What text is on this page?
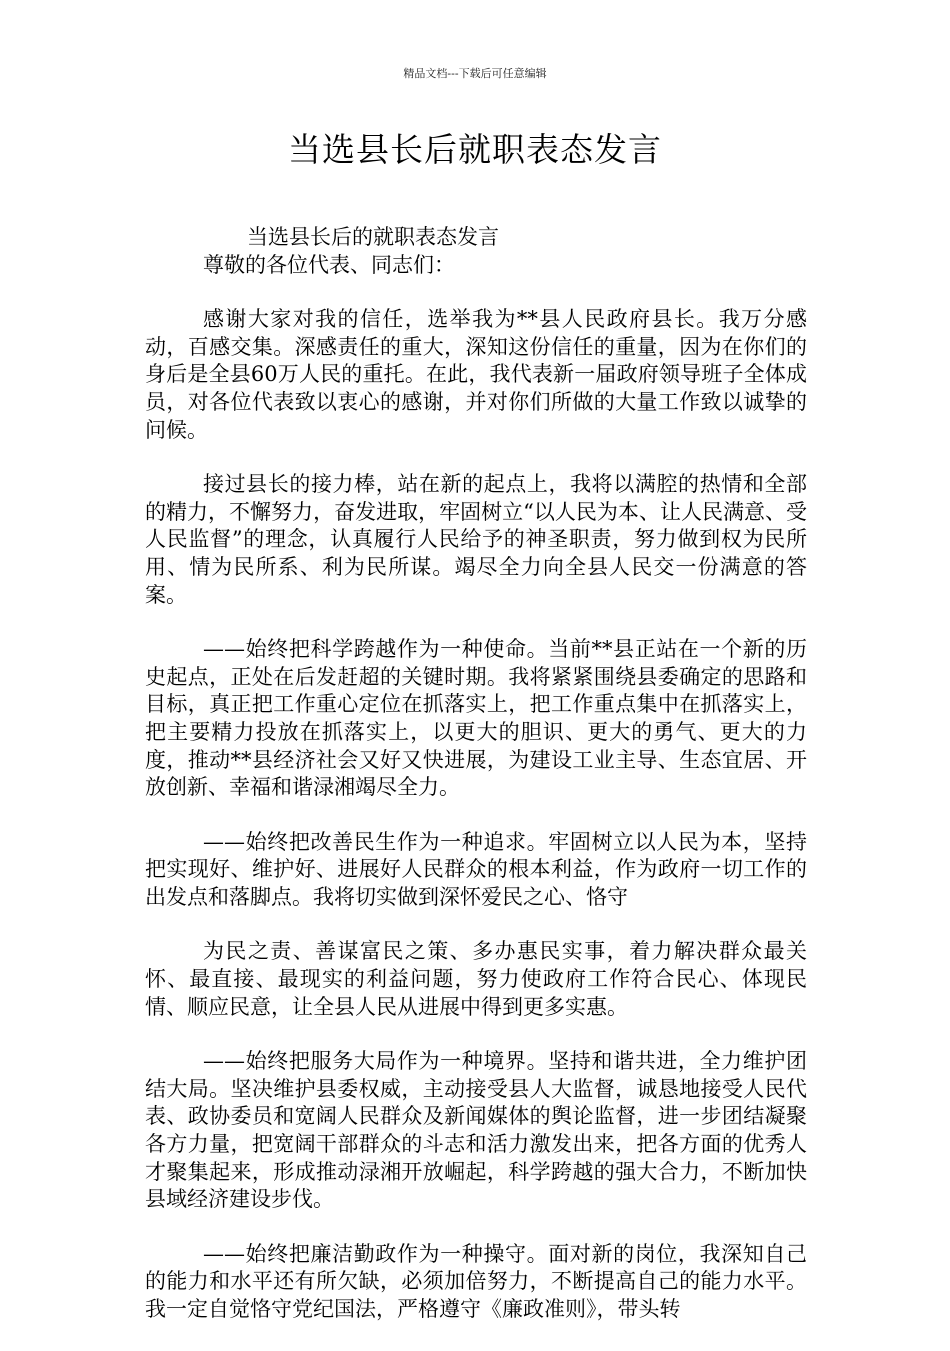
精品文档---下载后可任意编辑
当选县长后就职表态发言

当选县长后的就职表态发言

尊敬的各位代表、同志们：

感谢大家对我的信任，选举我为**县人民政府县长。我万分感动，百感交集。深感责任的重大，深知这份信任的重量，因为在你们的身后是全县60万人民的重托。在此，我代表新一届政府领导班子全体成员，对各位代表致以衷心的感谢，并对你们所做的大量工作致以诚挚的问候。

接过县长的接力棒，站在新的起点上，我将以满腔的热情和全部的精力，不懈努力，奋发进取，牢固树立“以人民为本、让人民满意、受人民监督”的理念，认真履行人民给予的神圣职责，努力做到权为民所用、情为民所系、利为民所谋。竭尽全力向全县人民交一份满意的答案。

——始终把科学跨越作为一种使命。当前**县正站在一个新的历史起点，正处在后发赶超的关键时期。我将紧紧围绕县委确定的思路和目标，真正把工作重心定位在抓落实上，把工作重点集中在抓落实上，把主要精力投放在抓落实上，以更大的胆识、更大的勇气、更大的力度，推动**县经济社会又好又快进展，为建设工业主导、生态宜居、开放创新、幸福和谐渌湘竭尽全力。

——始终把改善民生作为一种追求。牢固树立以人民为本，坚持把实现好、维护好、进展好人民群众的根本利益，作为政府一切工作的出发点和落脚点。我将切实做到深怀爱民之心、恪守

为民之责、善谋富民之策、多办惠民实事，着力解决群众最关怀、最直接、最现实的利益问题，努力使政府工作符合民心、体现民情、顺应民意，让全县人民从进展中得到更多实惠。

——始终把服务大局作为一种境界。坚持和谐共进，全力维护团结大局。坚决维护县委权威，主动接受县人大监督，诚恳地接受人民代表、政协委员和宽阔人民群众及新闻媒体的舆论监督，进一步团结凝聚各方力量，把宽阔干部群众的斗志和活力激发出来，把各方面的优秀人才聚集起来，形成推动渌湘开放崛起，科学跨越的强大合力，不断加快县域经济建设步伐。

——始终把廉洁勤政作为一种操守。面对新的岗位，我深知自己的能力和水平还有所欠缺，必须加倍努力，不断提高自己的能力水平。我一定自觉恪守党纪国法，严格遵守《廉政准则》，带头转
